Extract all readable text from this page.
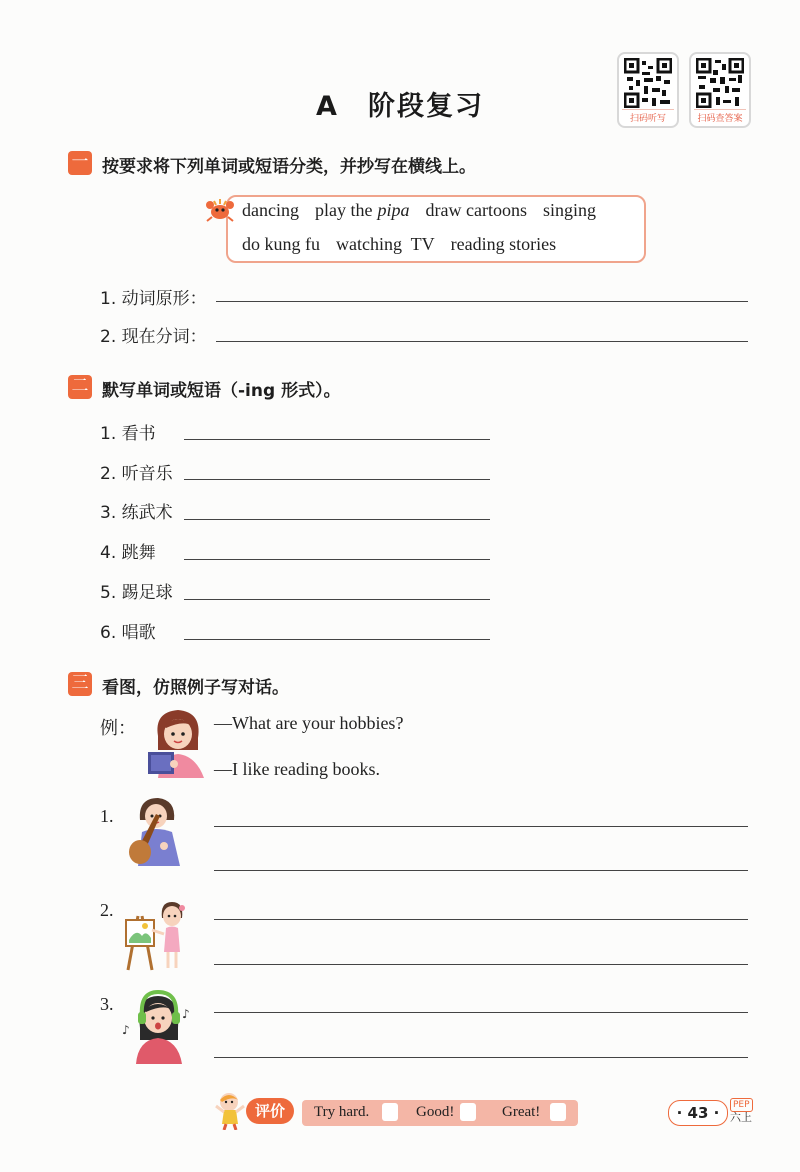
A　阶段复习	扫码听写	扫码查答案
一 按要求将下列单词或短语分类，并抄写在横线上。
dancing play the pipa draw cartoons singing
do kung fu watching  TV reading stories
1. 动词原形：
2. 现在分词：
二 默写单词或短语（-ing 形式）。
1. 看书
2. 听音乐
3. 练武术
4. 跳舞
5. 踢足球
6. 唱歌
三 看图，仿照例子写对话。
例：	—What are your hobbies?
—I like reading books.
1.
2.
3.
♪
♪
评价	Try hard.	Good!	Great!	· 43 ·	PEP
六上
